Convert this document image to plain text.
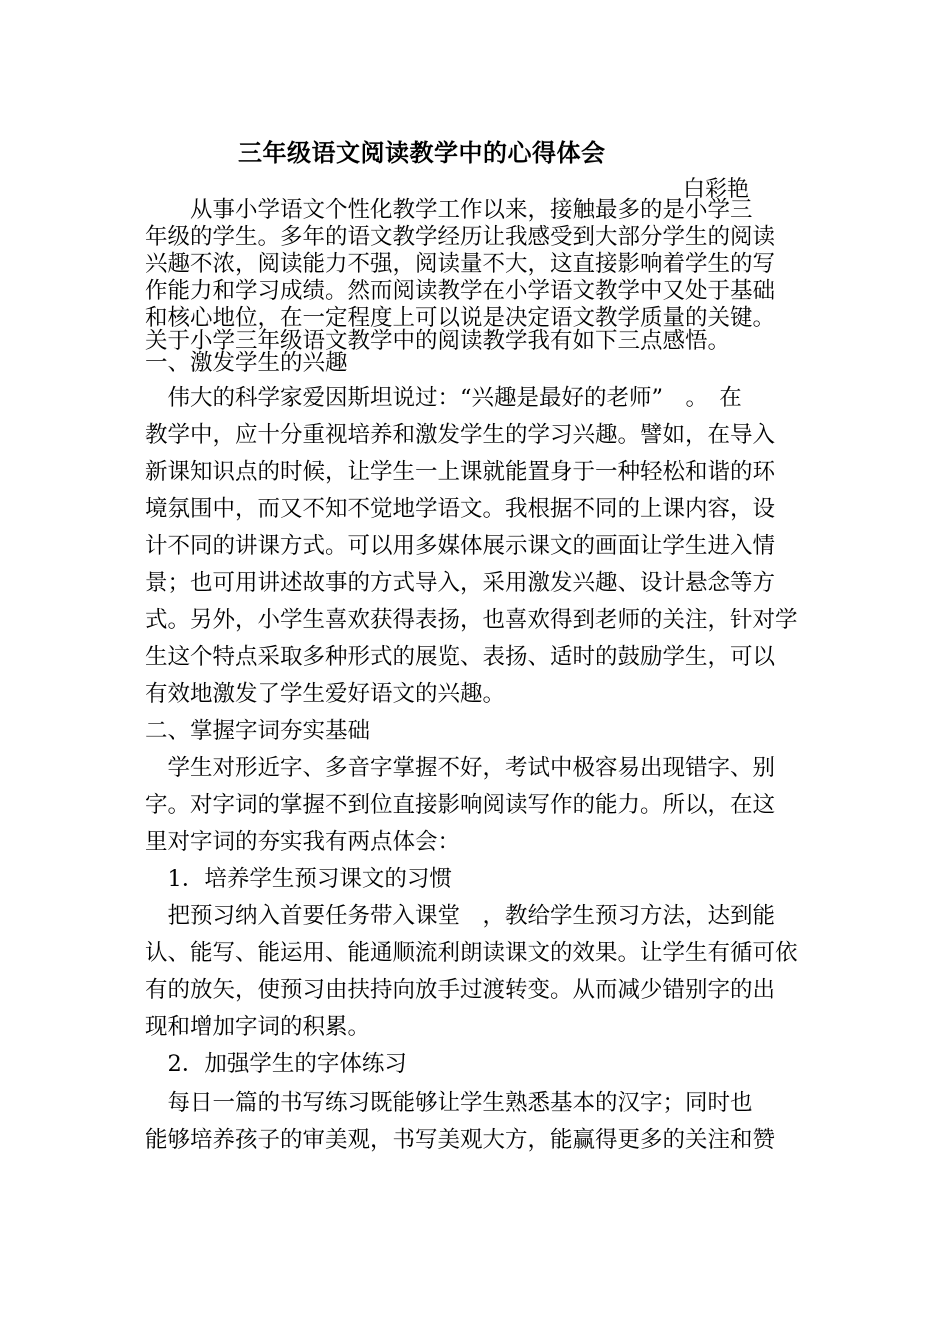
三年级语文阅读教学中的心得体会
白彩艳
　　从事小学语文个性化教学工作以来，接触最多的是小学三
年级的学生。多年的语文教学经历让我感受到大部分学生的阅读
兴趣不浓，阅读能力不强，阅读量不大，这直接影响着学生的写
作能力和学习成绩。然而阅读教学在小学语文教学中又处于基础
和核心地位，在一定程度上可以说是决定语文教学质量的关键。
关于小学三年级语文教学中的阅读教学我有如下三点感悟。
一、激发学生的兴趣
　伟大的科学家爱因斯坦说过：“兴趣是最好的老师”　。　在
教学中，应十分重视培养和激发学生的学习兴趣。譬如，在导入
新课知识点的时候，让学生一上课就能置身于一种轻松和谐的环
境氛围中，而又不知不觉地学语文。我根据不同的上课内容，设
计不同的讲课方式。可以用多媒体展示课文的画面让学生进入情
景；也可用讲述故事的方式导入，采用激发兴趣、设计悬念等方
式。另外，小学生喜欢获得表扬，也喜欢得到老师的关注，针对学
生这个特点采取多种形式的展览、表扬、适时的鼓励学生，可以
有效地激发了学生爱好语文的兴趣。
二、掌握字词夯实基础
　学生对形近字、多音字掌握不好，考试中极容易出现错字、别
字。对字词的掌握不到位直接影响阅读写作的能力。所以，在这
里对字词的夯实我有两点体会：
　1．培养学生预习课文的习惯
　把预习纳入首要任务带入课堂　，教给学生预习方法，达到能
认、能写、能运用、能通顺流利朗读课文的效果。让学生有循可依
有的放矢，使预习由扶持向放手过渡转变。从而减少错别字的出
现和增加字词的积累。
　2．加强学生的字体练习
　每日一篇的书写练习既能够让学生熟悉基本的汉字；同时也
能够培养孩子的审美观，书写美观大方，能赢得更多的关注和赞
